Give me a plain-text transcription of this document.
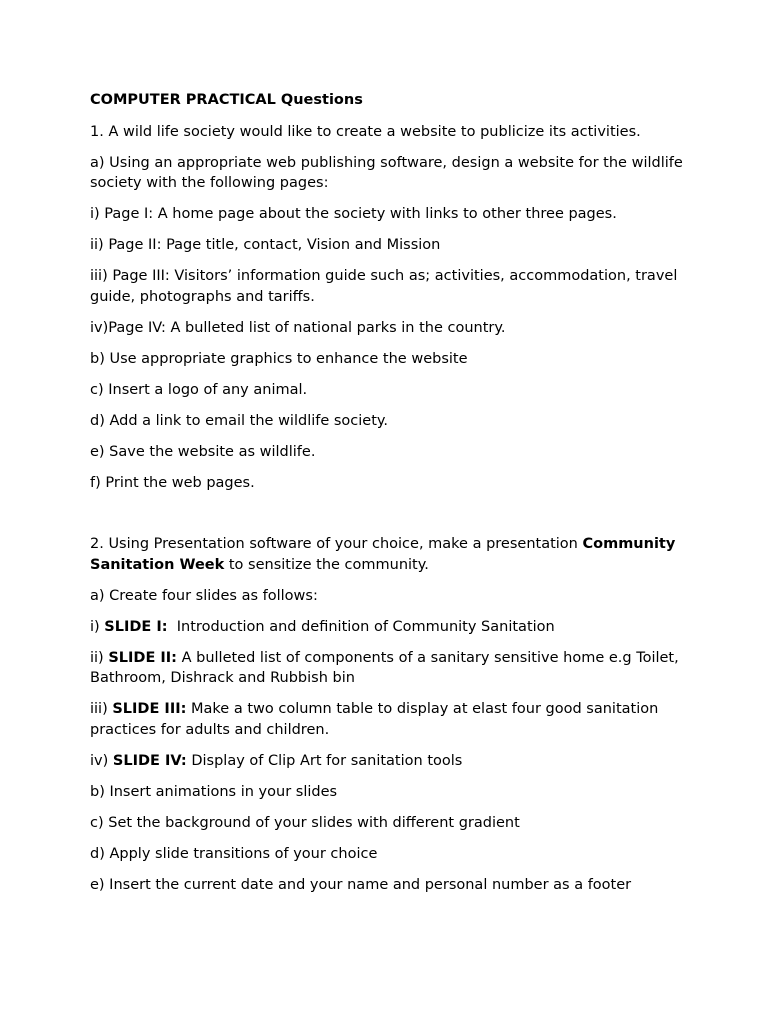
COMPUTER PRACTICAL Questions

1. A wild life society would like to create a website to publicize its activities.

a) Using an appropriate web publishing software, design a website for the wildlife society with the following pages:

i) Page I: A home page about the society with links to other three pages.

ii) Page II: Page title, contact, Vision and Mission

iii) Page III: Visitors’ information guide such as; activities, accommodation, travel guide, photographs and tariffs.

iv)Page IV: A bulleted list of national parks in the country.

b) Use appropriate graphics to enhance the website

c) Insert a logo of any animal.

d) Add a link to email the wildlife society.

e) Save the website as wildlife.

f) Print the web pages.

2. Using Presentation software of your choice, make a presentation Community Sanitation Week to sensitize the community.

a) Create four slides as follows:

i) SLIDE I:  Introduction and definition of Community Sanitation

ii) SLIDE II: A bulleted list of components of a sanitary sensitive home e.g Toilet, Bathroom, Dishrack and Rubbish bin

iii) SLIDE III: Make a two column table to display at elast four good sanitation practices for adults and children.

iv) SLIDE IV: Display of Clip Art for sanitation tools

b) Insert animations in your slides

c) Set the background of your slides with different gradient

d) Apply slide transitions of your choice

e) Insert the current date and your name and personal number as a footer
